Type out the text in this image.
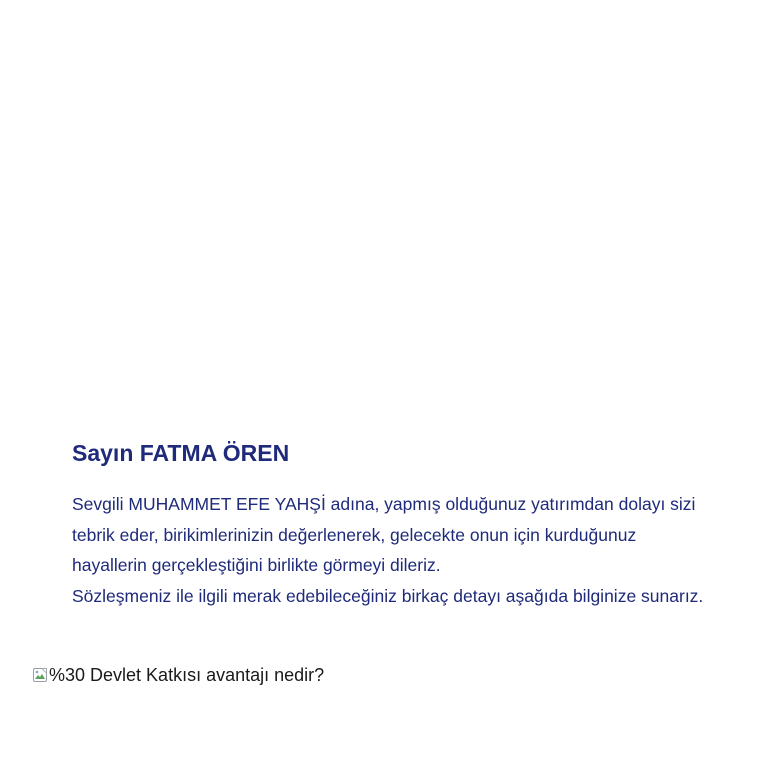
Sayın FATMA ÖREN

Sevgili MUHAMMET EFE YAHŞİ adına, yapmış olduğunuz yatırımdan dolayı sizi tebrik eder, birikimlerinizin değerlenerek, gelecekte onun için kurduğunuz hayallerin gerçekleştiğini birlikte görmeyi dileriz.

Sözleşmeniz ile ilgili merak edebileceğiniz birkaç detayı aşağıda bilginize sunarız.

%30 Devlet Katkısı avantajı nedir?
